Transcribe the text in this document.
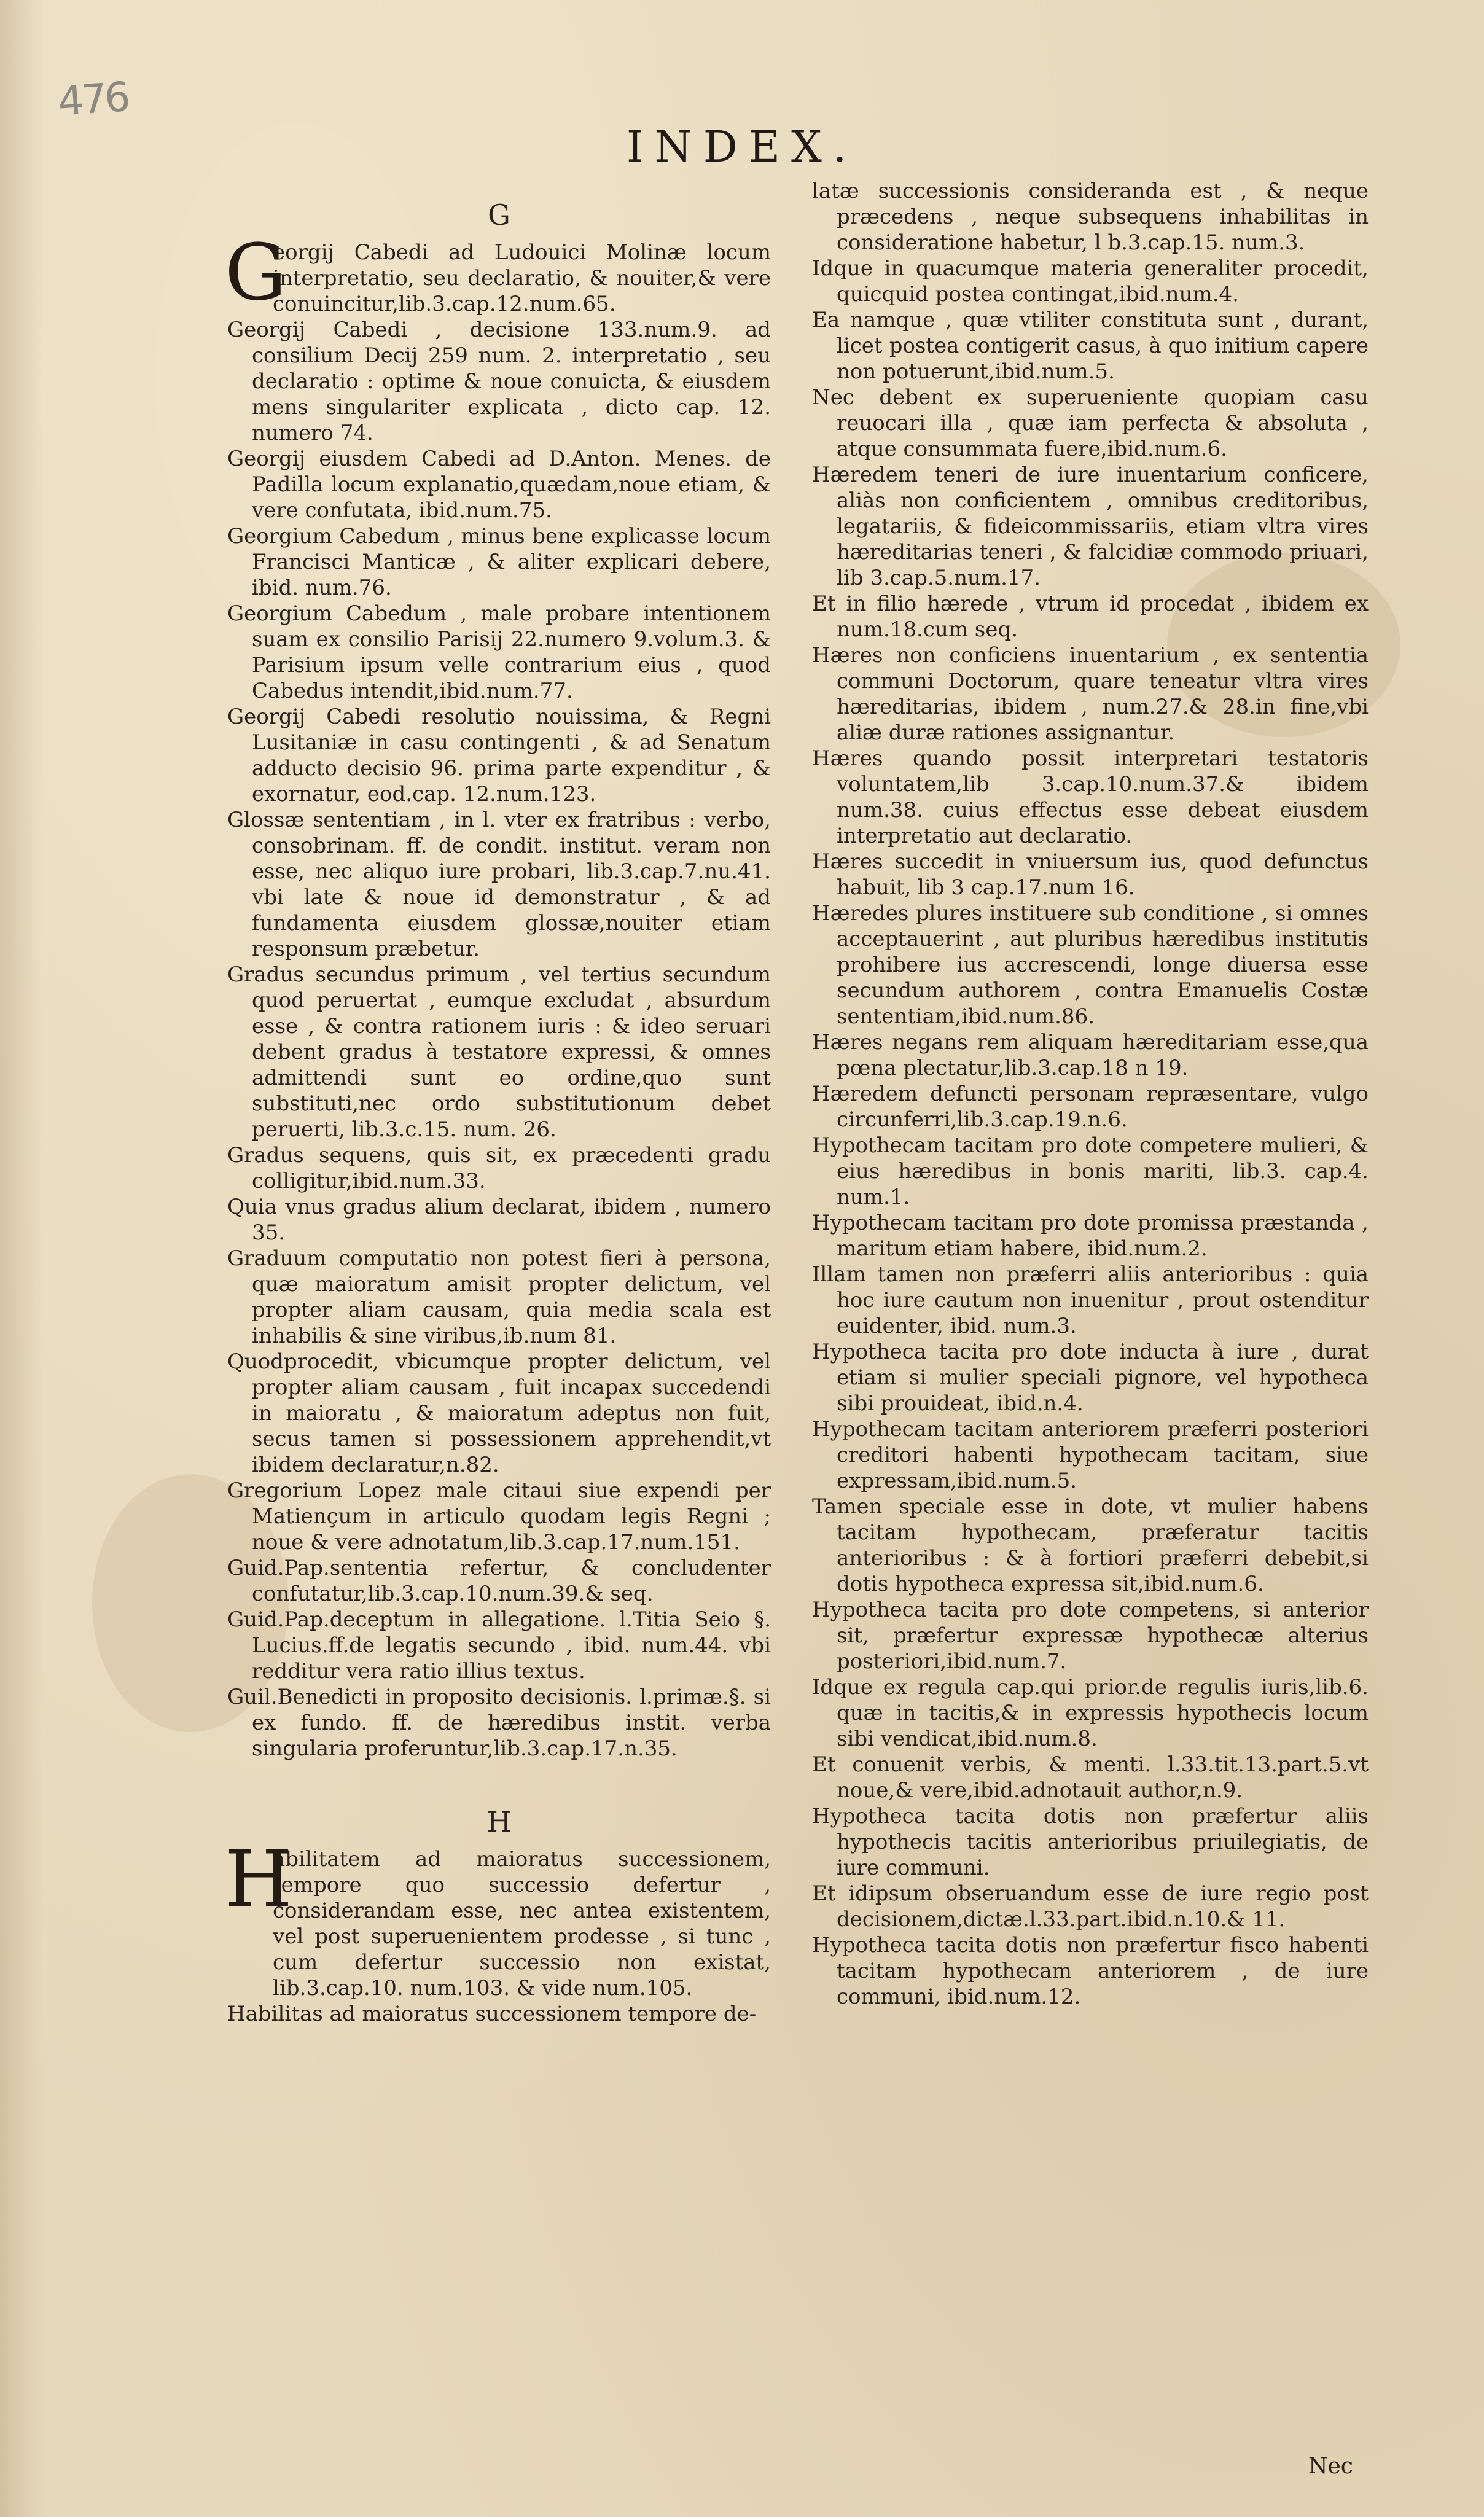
476
INDEX.
G

G
eorgij Cabedi ad Ludouici Molinæ locum interpretatio, seu declaratio, & nouiter,& vere conuincitur,lib.3.cap.12.num.65.

Georgij Cabedi , decisione 133.num.9. ad consilium Decij 259 num. 2. interpretatio , seu declaratio : optime & noue conuicta, & eiusdem mens singulariter explicata , dicto cap. 12. numero 74.

Georgij eiusdem Cabedi ad D.Anton. Menes. de Padilla locum explanatio,quædam,noue etiam, & vere confutata, ibid.num.75.

Georgium Cabedum , minus bene explicasse locum Francisci Manticæ , & aliter explicari debere, ibid. num.76.

Georgium Cabedum , male probare intentionem suam ex consilio Parisij 22.numero 9.volum.3. & Parisium ipsum velle contrarium eius , quod Cabedus intendit,ibid.num.77.

Georgij Cabedi resolutio nouissima, & Regni Lusitaniæ in casu contingenti , & ad Senatum adducto decisio 96. prima parte expenditur , & exornatur, eod.cap. 12.num.123.

Glossæ sententiam , in l. vter ex fratribus : verbo, consobrinam. ff. de condit. institut. veram non esse, nec aliquo iure probari, lib.3.cap.7.nu.41. vbi late & noue id demonstratur , & ad fundamenta eiusdem glossæ,nouiter etiam responsum præbetur.

Gradus secundus primum , vel tertius secundum quod peruertat , eumque excludat , absurdum esse , & contra rationem iuris : & ideo seruari debent gradus à testatore expressi, & omnes admittendi sunt eo ordine,quo sunt substituti,nec ordo substitutionum debet peruerti, lib.3.c.15. num. 26.

Gradus sequens, quis sit, ex præcedenti gradu colligitur,ibid.num.33.

Quia vnus gradus alium declarat, ibidem , numero 35.

Graduum computatio non potest fieri à persona, quæ maioratum amisit propter delictum, vel propter aliam causam, quia media scala est inhabilis & sine viribus,ib.num 81.

Quodprocedit, vbicumque propter delictum, vel propter aliam causam , fuit incapax succedendi in maioratu , & maioratum adeptus non fuit, secus tamen si possessionem apprehendit,vt ibidem declaratur,n.82.

Gregorium Lopez male citaui siue expendi per Matiençum in articulo quodam legis Regni ; noue & vere adnotatum,lib.3.cap.17.num.151.

Guid.Pap.sententia refertur, & concludenter confutatur,lib.3.cap.10.num.39.& seq.

Guid.Pap.deceptum in allegatione. l.Titia Seio §. Lucius.ff.de legatis secundo , ibid. num.44. vbi redditur vera ratio illius textus.

Guil.Benedicti in proposito decisionis. l.primæ.§. si ex fundo. ff. de hæredibus instit. verba singularia proferuntur,lib.3.cap.17.n.35.

H

H
abilitatem ad maioratus successionem, tempore quo successio defertur , considerandam esse, nec antea existentem, vel post superuenientem prodesse , si tunc , cum defertur successio non existat, lib.3.cap.10. num.103. & vide num.105.

Habilitas ad maioratus successionem tempore de-

latæ successionis consideranda est , & neque præcedens , neque subsequens inhabilitas in consideratione habetur, l b.3.cap.15. num.3.

Idque in quacumque materia generaliter procedit, quicquid postea contingat,ibid.num.4.

Ea namque , quæ vtiliter constituta sunt , durant, licet postea contigerit casus, à quo initium capere non potuerunt,ibid.num.5.

Nec debent ex superueniente quopiam casu reuocari illa , quæ iam perfecta & absoluta , atque consummata fuere,ibid.num.6.

Hæredem teneri de iure inuentarium conficere, aliàs non conficientem , omnibus creditoribus, legatariis, & fideicommissariis, etiam vltra vires hæreditarias teneri , & falcidiæ commodo priuari, lib 3.cap.5.num.17.

Et in filio hærede , vtrum id procedat , ibidem ex num.18.cum seq.

Hæres non conficiens inuentarium , ex sententia communi Doctorum, quare teneatur vltra vires hæreditarias, ibidem , num.27.& 28.in fine,vbi aliæ duræ rationes assignantur.

Hæres quando possit interpretari testatoris voluntatem,lib 3.cap.10.num.37.& ibidem num.38. cuius effectus esse debeat eiusdem interpretatio aut declaratio.

Hæres succedit in vniuersum ius, quod defunctus habuit, lib 3 cap.17.num 16.

Hæredes plures instituere sub conditione , si omnes acceptauerint , aut pluribus hæredibus institutis prohibere ius accrescendi, longe diuersa esse secundum authorem , contra Emanuelis Costæ sententiam,ibid.num.86.

Hæres negans rem aliquam hæreditariam esse,qua pœna plectatur,lib.3.cap.18 n 19.

Hæredem defuncti personam repræsentare, vulgo circunferri,lib.3.cap.19.n.6.

Hypothecam tacitam pro dote competere mulieri, & eius hæredibus in bonis mariti, lib.3. cap.4. num.1.

Hypothecam tacitam pro dote promissa præstanda , maritum etiam habere, ibid.num.2.

Illam tamen non præferri aliis anterioribus : quia hoc iure cautum non inuenitur , prout ostenditur euidenter, ibid. num.3.

Hypotheca tacita pro dote inducta à iure , durat etiam si mulier speciali pignore, vel hypotheca sibi prouideat, ibid.n.4.

Hypothecam tacitam anteriorem præferri posteriori creditori habenti hypothecam tacitam, siue expressam,ibid.num.5.

Tamen speciale esse in dote, vt mulier habens tacitam hypothecam, præferatur tacitis anterioribus : & à fortiori præferri debebit,si dotis hypotheca expressa sit,ibid.num.6.

Hypotheca tacita pro dote competens, si anterior sit, præfertur expressæ hypothecæ alterius posteriori,ibid.num.7.

Idque ex regula cap.qui prior.de regulis iuris,lib.6. quæ in tacitis,& in expressis hypothecis locum sibi vendicat,ibid.num.8.

Et conuenit verbis, & menti. l.33.tit.13.part.5.vt noue,& vere,ibid.adnotauit author,n.9.

Hypotheca tacita dotis non præfertur aliis hypothecis tacitis anterioribus priuilegiatis, de iure communi.

Et idipsum obseruandum esse de iure regio post decisionem,dictæ.l.33.part.ibid.n.10.& 11.

Hypotheca tacita dotis non præfertur fisco habenti tacitam hypothecam anteriorem , de iure communi, ibid.num.12.

Nec
